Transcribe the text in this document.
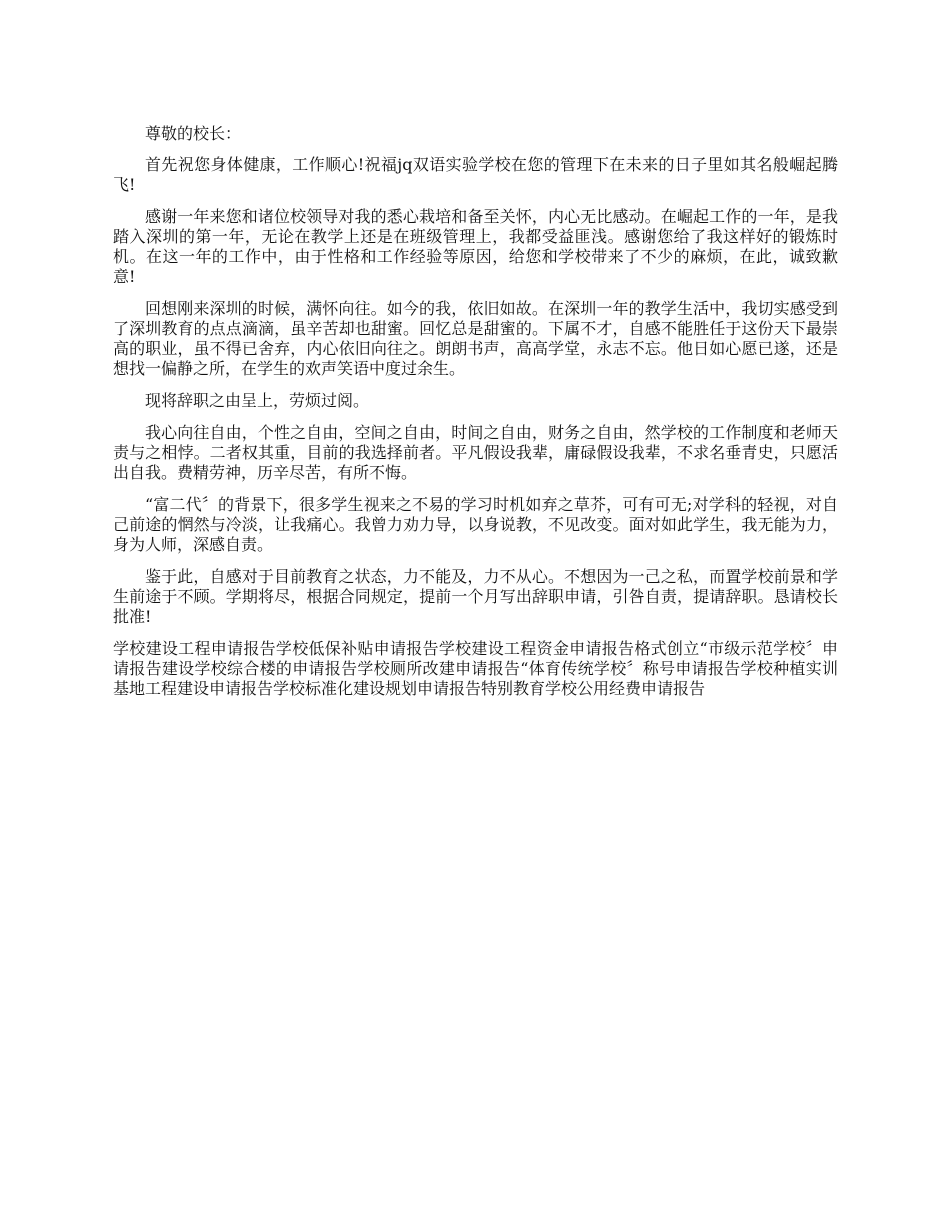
尊敬的校长：

首先祝您身体健康，工作顺心!祝福jq双语实验学校在您的管理下在未来的日子里如其名般崛起腾飞!

感谢一年来您和诸位校领导对我的悉心栽培和备至关怀，内心无比感动。在崛起工作的一年，是我踏入深圳的第一年，无论在教学上还是在班级管理上，我都受益匪浅。感谢您给了我这样好的锻炼时机。在这一年的工作中，由于性格和工作经验等原因，给您和学校带来了不少的麻烦，在此，诚致歉意!

回想刚来深圳的时候，满怀向往。如今的我，依旧如故。在深圳一年的教学生活中，我切实感受到了深圳教育的点点滴滴，虽辛苦却也甜蜜。回忆总是甜蜜的。下属不才，自感不能胜任于这份天下最崇高的职业，虽不得已舍弃，内心依旧向往之。朗朗书声，高高学堂，永志不忘。他日如心愿已遂，还是想找一偏静之所，在学生的欢声笑语中度过余生。

现将辞职之由呈上，劳烦过阅。

我心向往自由，个性之自由，空间之自由，时间之自由，财务之自由，然学校的工作制度和老师天责与之相悖。二者权其重，目前的我选择前者。平凡假设我辈，庸碌假设我辈，不求名垂青史，只愿活出自我。费精劳神，历辛尽苦，有所不悔。

“富二代〞的背景下，很多学生视来之不易的学习时机如弃之草芥，可有可无;对学科的轻视，对自己前途的惘然与冷淡，让我痛心。我曾力劝力导，以身说教，不见改变。面对如此学生，我无能为力，身为人师，深感自责。

鉴于此，自感对于目前教育之状态，力不能及，力不从心。不想因为一己之私，而置学校前景和学生前途于不顾。学期将尽，根据合同规定，提前一个月写出辞职申请，引咎自责，提请辞职。恳请校长批准!

学校建设工程申请报告学校低保补贴申请报告学校建设工程资金申请报告格式创立“市级示范学校〞申请报告建设学校综合楼的申请报告学校厕所改建申请报告“体育传统学校〞称号申请报告学校种植实训基地工程建设申请报告学校标准化建设规划申请报告特别教育学校公用经费申请报告
